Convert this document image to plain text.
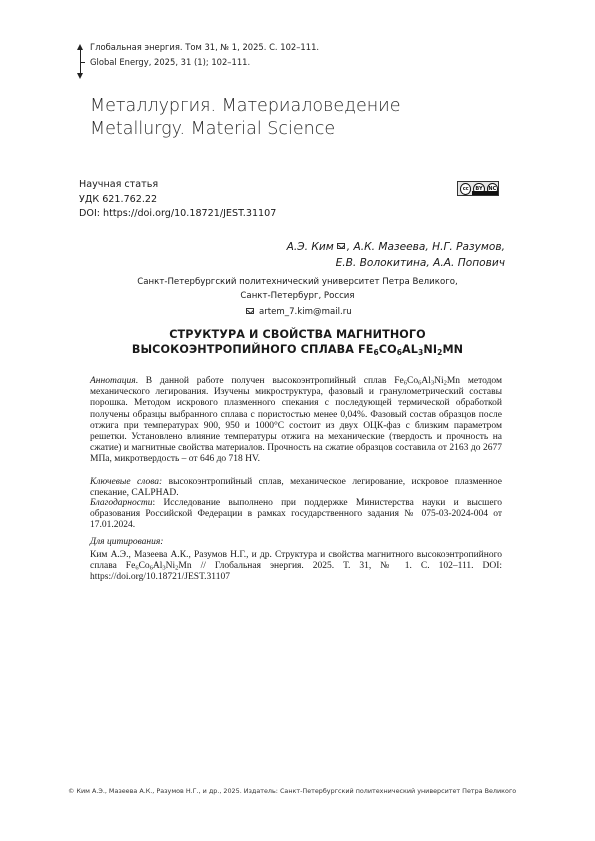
Глобальная энергия. Том 31, № 1, 2025. С. 102–111.
Global Energy, 2025, 31 (1); 102–111.
Металлургия. Материаловедение
Metallurgy. Material Science
Научная статья
УДК 621.762.22
DOI: https://doi.org/10.18721/JEST.31107
cc	BY	NC
А.Э. Ким , А.К. Мазеева, Н.Г. Разумов,
Е.В. Волокитина, А.А. Попович
Санкт-Петербургский политехнический университет Петра Великого,
Санкт-Петербург, Россия
artem_7.kim@mail.ru
СТРУКТУРА И СВОЙСТВА МАГНИТНОГО
ВЫСОКОЭНТРОПИЙНОГО СПЛАВА $FE_6CO_6AL_3NI_2MN$
Аннотация. В данной работе получен высокоэнтропийный сплав $Fe_6Co_6Al_3Ni_2Mn$ методом механического легирования. Изучены микроструктура, фазовый и гранулометрический составы порошка. Методом искрового плазменного спекания с последующей термической обработкой получены образцы выбранного сплава с пористостью менее 0,04%. Фазовый состав образцов после отжига при температурах 900, 950 и 1000°С состоит из двух ОЦК-фаз с близким параметром решетки. Установлено влияние температуры отжига на механические (твердость и прочность на сжатие) и магнитные свойства материалов. Прочность на сжатие образцов составила от 2163 до 2677 МПа, микротвердость – от 646 до 718 HV.
Ключевые слова: высокоэнтропийный сплав, механическое легирование, искровое плазменное спекание, CALPHAD.
Благодарности: Исследование выполнено при поддержке Министерства науки и высшего образования Российской Федерации в рамках государственного задания № 075-03-2024-004 от 17.01.2024.
Для цитирования:
Ким А.Э., Мазеева А.К., Разумов Н.Г., и др. Структура и свойства магнитного высокоэнтропийного сплава $Fe_6Co_6Al_3Ni_2Mn$ // Глобальная энергия. 2025. Т. 31, № 1. С. 102–111. DOI: https://doi.org/10.18721/JEST.31107
© Ким А.Э., Мазеева А.К., Разумов Н.Г., и др., 2025. Издатель: Санкт-Петербургский политехнический университет Петра Великого
